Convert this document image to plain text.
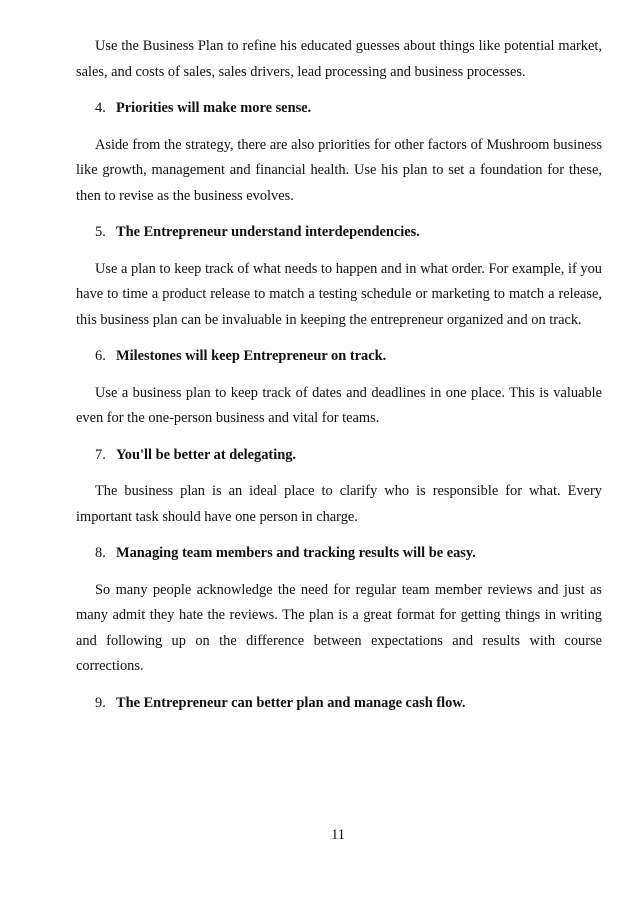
Use the Business Plan to refine his educated guesses about things like potential market, sales, and costs of sales, sales drivers, lead processing and business processes.

4. Priorities will make more sense.

Aside from the strategy, there are also priorities for other factors of Mushroom business like growth, management and financial health. Use his plan to set a foundation for these, then to revise as the business evolves.

5. The Entrepreneur understand interdependencies.

Use a plan to keep track of what needs to happen and in what order. For example, if you have to time a product release to match a testing schedule or marketing to match a release, this business plan can be invaluable in keeping the entrepreneur organized and on track.

6. Milestones will keep Entrepreneur on track.

Use a business plan to keep track of dates and deadlines in one place. This is valuable even for the one-person business and vital for teams.

7. You'll be better at delegating.

The business plan is an ideal place to clarify who is responsible for what. Every important task should have one person in charge.

8. Managing team members and tracking results will be easy.

So many people acknowledge the need for regular team member reviews and just as many admit they hate the reviews. The plan is a great format for getting things in writing and following up on the difference between expectations and results with course corrections.

9. The Entrepreneur can better plan and manage cash flow.
11
